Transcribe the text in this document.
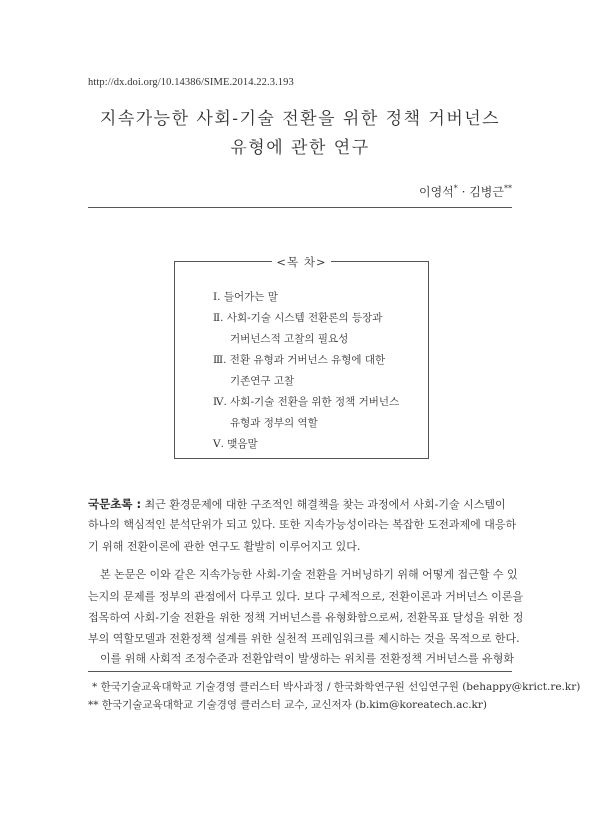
http://dx.doi.org/10.14386/SIME.2014.22.3.193
지속가능한 사회-기술 전환을 위한 정책 거버넌스
유형에 관한 연구
이영석* · 김병근**
<목 차>
Ⅰ. 들어가는 말
Ⅱ. 사회-기술 시스템 전환론의 등장과
거버넌스적 고찰의 필요성
Ⅲ. 전환 유형과 거버넌스 유형에 대한
기존연구 고찰
Ⅳ. 사회-기술 전환을 위한 정책 거버넌스
유형과 정부의 역할
Ⅴ. 맺음말
국문초록 : 최근 환경문제에 대한 구조적인 해결책을 찾는 과정에서 사회-기술 시스템이
하나의 핵심적인 분석단위가 되고 있다. 또한 지속가능성이라는 복잡한 도전과제에 대응하
기 위해 전환이론에 관한 연구도 활발히 이루어지고 있다.
본 논문은 이와 같은 지속가능한 사회-기술 전환을 거버닝하기 위해 어떻게 접근할 수 있
는지의 문제를 정부의 관점에서 다루고 있다. 보다 구체적으로, 전환이론과 거버넌스 이론을
접목하여 사회-기술 전환을 위한 정책 거버넌스를 유형화함으로써, 전환목표 달성을 위한 정
부의 역할모델과 전환정책 설계를 위한 실천적 프레임워크를 제시하는 것을 목적으로 한다.
이를 위해 사회적 조정수준과 전환압력이 발생하는 위치를 전환정책 거버넌스를 유형화
* 한국기술교육대학교 기술경영 클러스터 박사과정 / 한국화학연구원 선임연구원 (behappy@krict.re.kr)
** 한국기술교육대학교 기술경영 클러스터 교수, 교신저자 (b.kim@koreatech.ac.kr)
